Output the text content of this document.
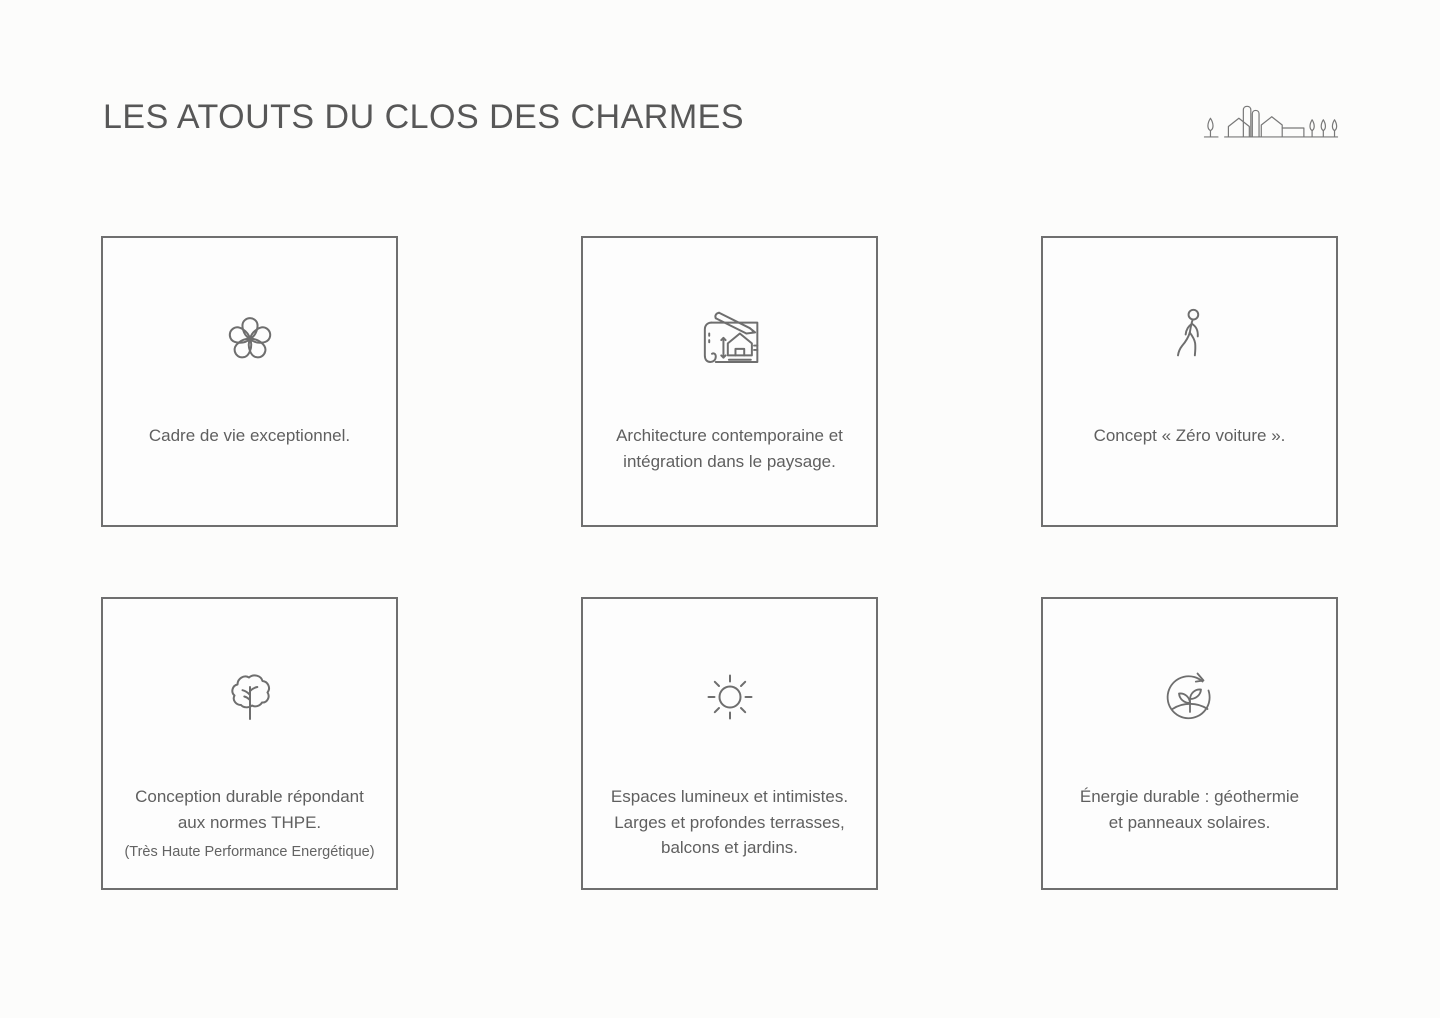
LES ATOUTS DU CLOS DES CHARMES
Cadre de vie exceptionnel.	Architecture contemporaine et
intégration dans le paysage.
Concept « Zéro voiture ».
Conception durable répondant
aux normes THPE.
(Très Haute Performance Energétique)
Espaces lumineux et intimistes.
Larges et profondes terrasses,
balcons et jardins.
Énergie durable : géothermie
et panneaux solaires.
